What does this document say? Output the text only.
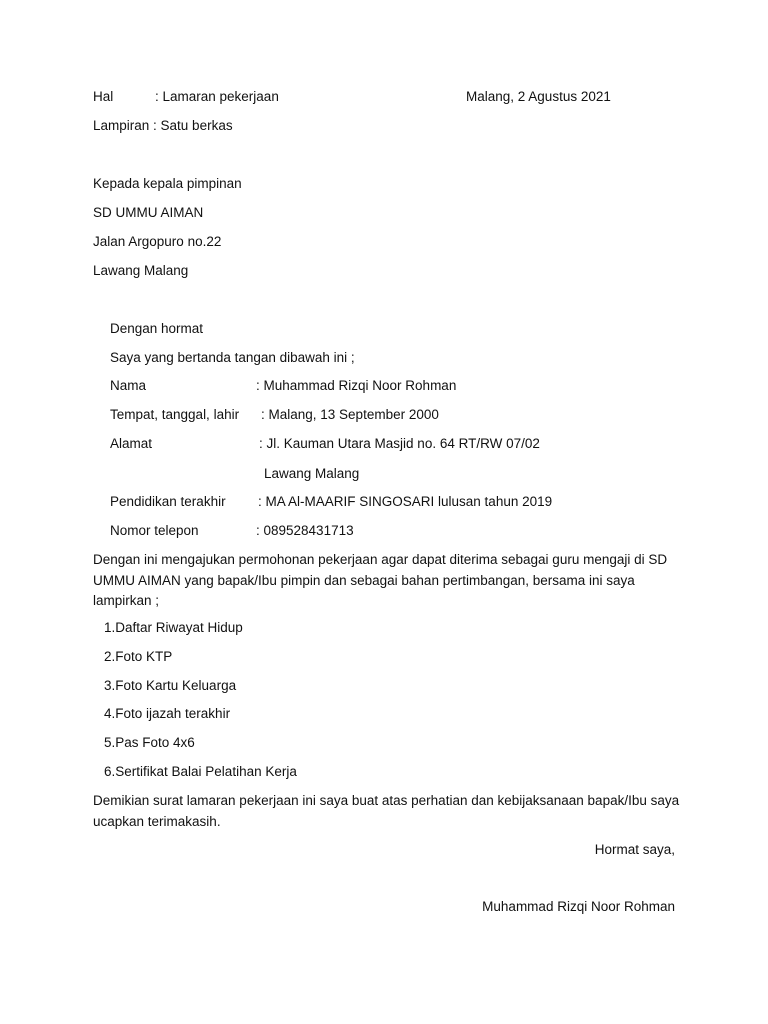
Hal	: Lamaran pekerjaan	Malang, 2 Agustus 2021
Lampiran : Satu berkas
Kepada kepala pimpinan
SD UMMU AIMAN
Jalan Argopuro no.22
Lawang Malang
Dengan hormat
Saya yang bertanda tangan dibawah ini ;
Nama	: Muhammad Rizqi Noor Rohman
Tempat, tanggal, lahir : Malang, 13 September 2000
Alamat	: Jl. Kauman Utara Masjid no. 64 RT/RW 07/02
Lawang Malang
Pendidikan terakhir : MA Al-MAARIF SINGOSARI lulusan tahun 2019
Nomor telepon	: 089528431713
Dengan ini mengajukan permohonan pekerjaan agar dapat diterima sebagai guru mengaji di SD UMMU AIMAN yang bapak/Ibu pimpin dan sebagai bahan pertimbangan, bersama ini saya lampirkan ;
1.Daftar Riwayat Hidup
2.Foto KTP
3.Foto Kartu Keluarga
4.Foto ijazah terakhir
5.Pas Foto 4x6
6.Sertifikat Balai Pelatihan Kerja
Demikian surat lamaran pekerjaan ini saya buat atas perhatian dan kebijaksanaan bapak/Ibu saya ucapkan terimakasih.
Hormat saya,
Muhammad Rizqi Noor Rohman
